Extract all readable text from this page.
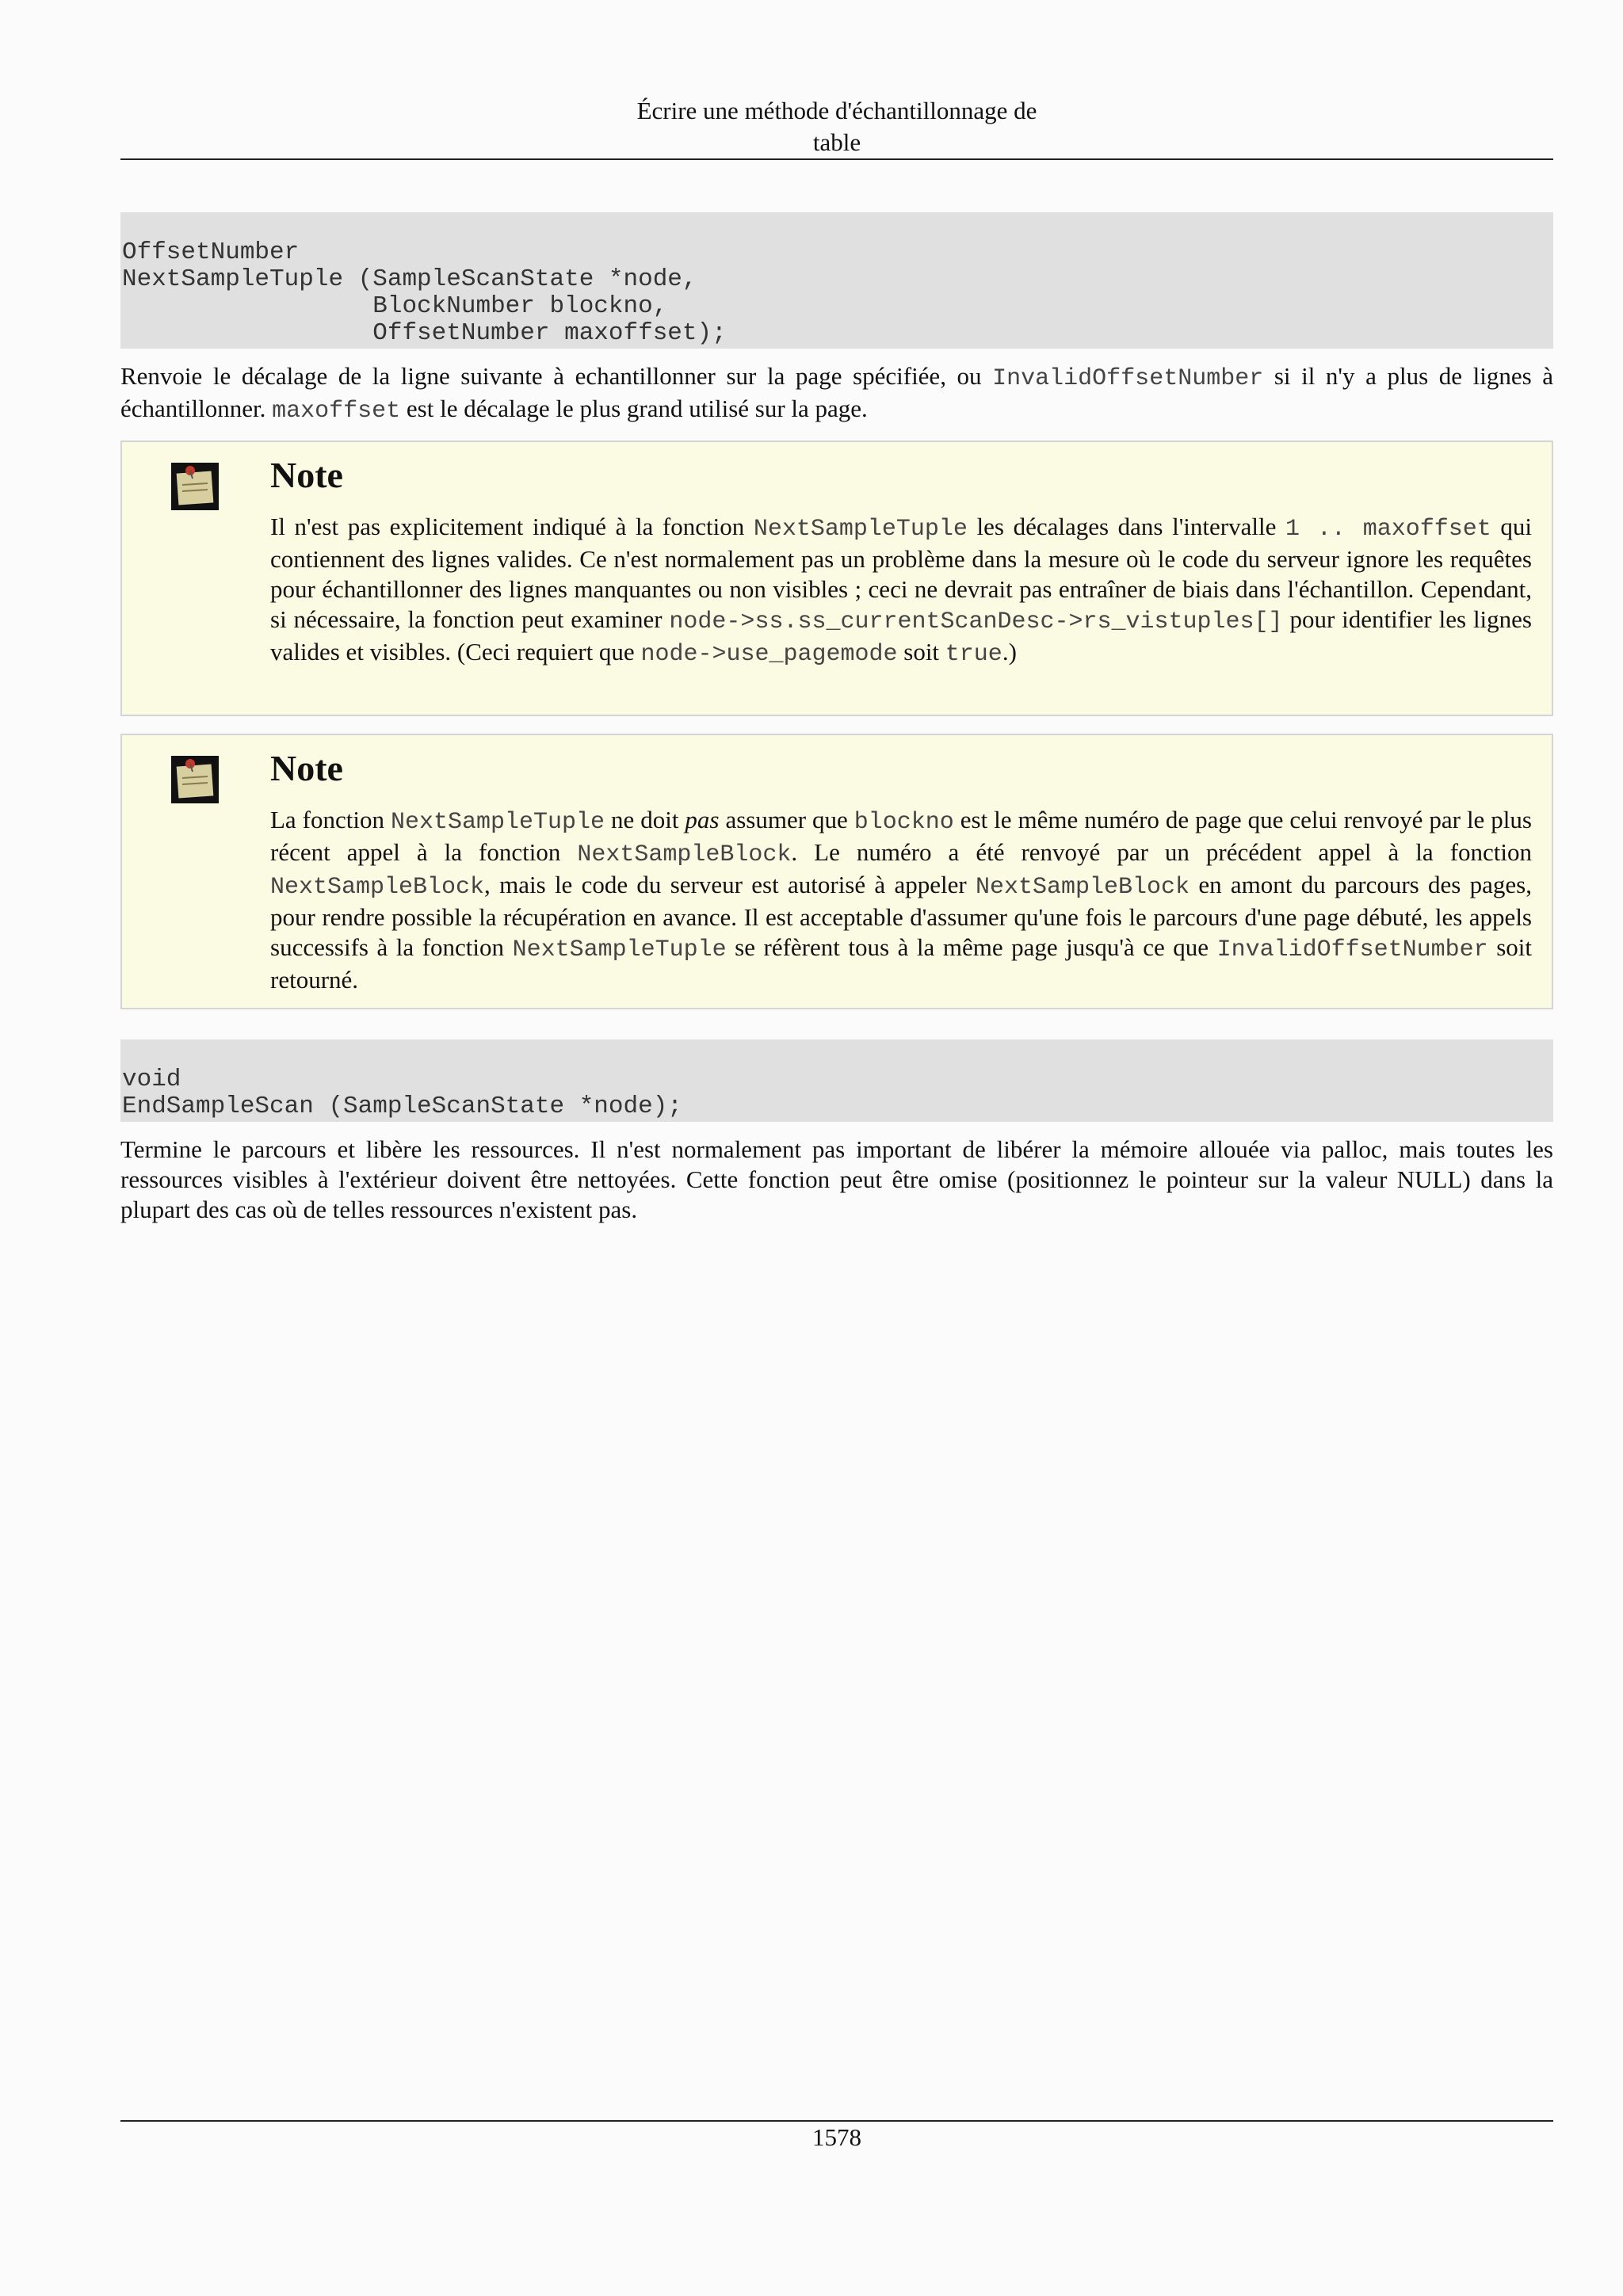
Écrire une méthode d'échantillonnage de
table
OffsetNumber
NextSampleTuple (SampleScanState *node,
BlockNumber blockno,
OffsetNumber maxoffset);
Renvoie le décalage de la ligne suivante à echantillonner sur la page spécifiée, ou InvalidOffsetNumber si il n'y a plus de lignes à échantillonner. maxoffset est le décalage le plus grand utilisé sur la page.
Note
Il n'est pas explicitement indiqué à la fonction NextSampleTuple les décalages dans l'intervalle 1 .. maxoffset qui contiennent des lignes valides. Ce n'est normalement pas un problème dans la mesure où le code du serveur ignore les requêtes pour échantillonner des lignes manquantes ou non visibles ; ceci ne devrait pas entraîner de biais dans l'échantillon. Cependant, si nécessaire, la fonction peut examiner node->ss.ss_currentScanDesc->rs_vistuples[] pour identifier les lignes valides et visibles. (Ceci requiert que node->use_pagemode soit true.)
Note
La fonction NextSampleTuple ne doit pas assumer que blockno est le même numéro de page que celui renvoyé par le plus récent appel à la fonction NextSampleBlock. Le numéro a été renvoyé par un précédent appel à la fonction NextSampleBlock, mais le code du serveur est autorisé à appeler NextSampleBlock en amont du parcours des pages, pour rendre possible la récupération en avance. Il est acceptable d'assumer qu'une fois le parcours d'une page débuté, les appels successifs à la fonction NextSampleTuple se réfèrent tous à la même page jusqu'à ce que InvalidOffsetNumber soit retourné.
void
EndSampleScan (SampleScanState *node);
Termine le parcours et libère les ressources. Il n'est normalement pas important de libérer la mémoire allouée via palloc, mais toutes les ressources visibles à l'extérieur doivent être nettoyées. Cette fonction peut être omise (positionnez le pointeur sur la valeur NULL) dans la plupart des cas où de telles ressources n'existent pas.
1578
